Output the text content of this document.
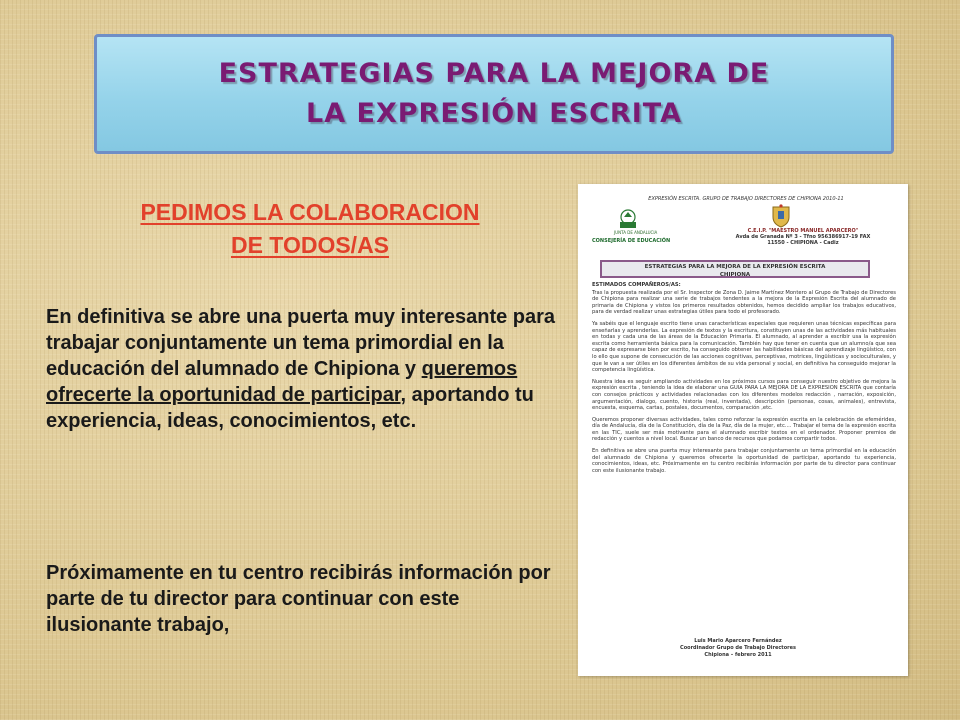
ESTRATEGIAS PARA LA MEJORA DE
LA EXPRESIÓN ESCRITA
PEDIMOS LA COLABORACION
DE TODOS/AS
En definitiva se abre una puerta muy interesante para trabajar conjuntamente un tema primordial en la educación del alumnado de Chipiona y queremos ofrecerte la oportunidad de participar, aportando tu experiencia, ideas, conocimientos, etc.
Próximamente en tu centro recibirás información por parte de tu director para continuar con este ilusionante trabajo,
EXPRESIÓN ESCRITA. GRUPO DE TRABAJO DIRECTORES DE CHIPIONA 2010-11
JUNTA DE ANDALUCIA
CONSEJERÍA DE EDUCACIÓN
C.E.I.P. "MAESTRO MANUEL APARCERO"
Avda de Granada Nº 3 - Tfno 956386917-19 FAX
11550 - CHIPIONA - Cadiz
ESTRATEGIAS PARA LA MEJORA DE LA EXPRESIÓN ESCRITA
CHIPIONA

ESTIMADOS COMPAÑEROS/AS:

Tras la propuesta realizada por el Sr. Inspector de Zona D. Jaime Martínez Montero al Grupo de Trabajo de Directores de Chipiona para realizar una serie de trabajos tendentes a la mejora de la Expresión Escrita del alumnado de primaria de Chipiona y vistos los primeros resultados obtenidos, hemos decidido ampliar los trabajos educativos, para de verdad realizar unas estrategias útiles para todo el profesorado.

Ya sabéis que el lenguaje escrito tiene unas características especiales que requieren unas técnicas específicas para enseñarlas y aprenderlas. La expresión de textos y la escritura, constituyen unas de las actividades más habituales en todas y cada una de las áreas de la Educación Primaria. El alumnado, al aprender a escribir usa la expresión escrita como herramienta básica para la comunicación. También hay que tener en cuenta que un alumno/a que sea capaz de expresarse bien por escrito, ha conseguido obtener las habilidades básicas del aprendizaje lingüístico, con lo ello que supone de consecución de las acciones cognitivas, perceptivas, motrices, lingüísticas y socioculturales, y que le van a ser útiles en los diferentes ámbitos de su vida personal y social, en definitiva ha conseguido mejorar la competencia lingüística.

Nuestra idea es seguir ampliando actividades en los próximos cursos para conseguir nuestro objetivo de mejora la expresión escrita , teniendo la idea de elaborar una GUIA PARA LA MEJORA DE LA EXPRESION ESCRITA que contaría con consejos prácticos y actividades relacionadas con los diferentes modelos redacción , narración, exposición, argumentación, dialogo, cuento, historia (real, inventada), descripción (personas, cosas, animales), entrevista, encuesta, esquema, cartas, postales, documentos, comparación ,etc.

Queremos proponer diversas actividades, tales como reforzar la expresión escrita en la celebración de efemérides, día de Andalucía, día de la Constitución, día de la Paz, día de la mujer, etc.... Trabajar el tema de la expresión escrita en las TIC, suele ser más motivante para el alumnado escribir textos en el ordenador. Proponer premios de redacción y cuentos a nivel local. Buscar un banco de recursos que podamos compartir todos.

En definitiva se abre una puerta muy interesante para trabajar conjuntamente un tema primordial en la educación del alumnado de Chipiona y queremos ofrecerte la oportunidad de participar, aportando tu experiencia, conocimientos, ideas, etc. Próximamente en tu centro recibirás información por parte de tu director para continuar con este ilusionante trabajo.

Luis Mario Aparcero Fernández
Coordinador Grupo de Trabajo Directores
Chipiona – febrero 2011
